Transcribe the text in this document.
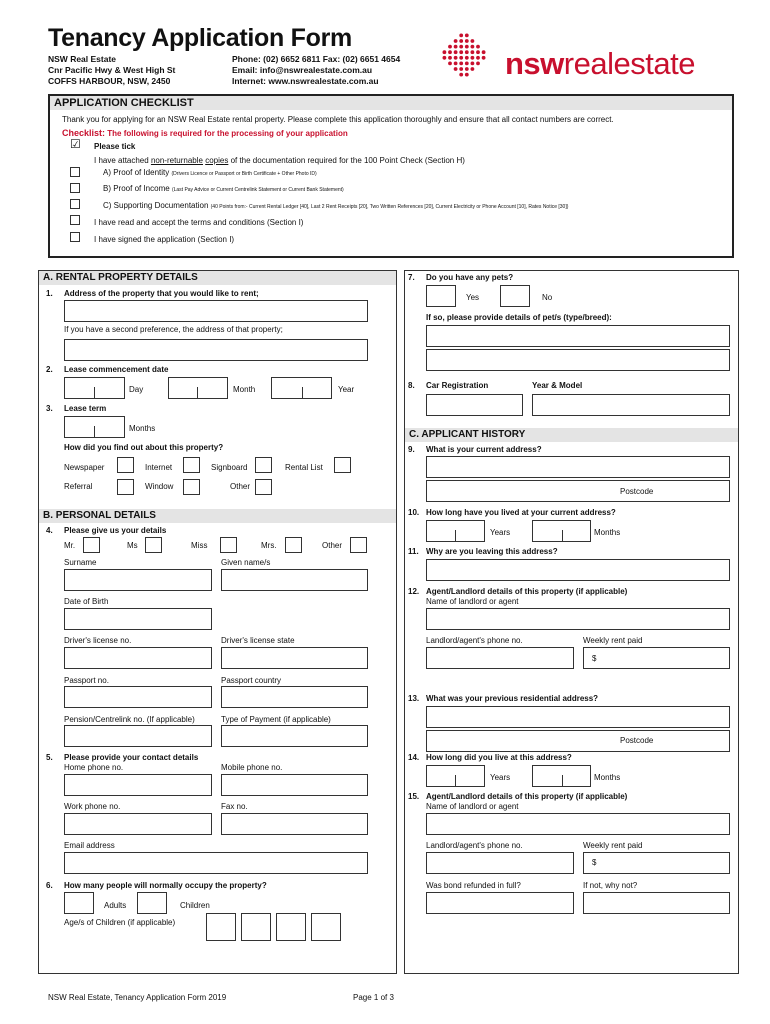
Tenancy Application Form
NSW Real Estate
Cnr Pacific Hwy & West High St
COFFS HARBOUR, NSW, 2450
Phone: (02) 6652 6811 Fax: (02) 6651 4654
Email: info@nswrealestate.com.au
Internet: www.nswrealestate.com.au	nswrealestate
APPLICATION CHECKLIST
Thank you for applying for an NSW Real Estate rental property. Please complete this application thoroughly and ensure that all contact numbers are correct.
Checklist: The following is required for the processing of your application
☑ Please tick
I have attached non-returnable copies of the documentation required for the 100 Point Check (Section H)
A) Proof of Identity (Drivers Licence or Passport or Birth Certificate + Other Photo ID)
B) Proof of Income (Last Pay Advice or Current Centrelink Statement or Current Bank Statement)
C) Supporting Documentation (40 Points from:- Current Rental Ledger [40], Last 2 Rent Receipts [20], Two Written References [20], Current Electricity or Phone Account [10], Rates Notice [30])
I have read and accept the terms and conditions (Section I)
I have signed the application (Section I)
A. RENTAL PROPERTY DETAILS
1. Address of the property that you would like to rent;
If you have a second preference, the address of that property;
2. Lease commencement date
Day	Month	Year
3. Lease term
Months
How did you find out about this property?
Newspaper	Internet	Signboard	Rental List
Referral	Window	Other
B. PERSONAL DETAILS
4. Please give us your details
Mr.	Ms	Miss	Mrs.	Other
Surname	Given name/s
Date of Birth
Driver's license no.	Driver's license state
Passport no.	Passport country
Pension/Centrelink no. (If applicable)	Type of Payment (if applicable)
5. Please provide your contact details
Home phone no.	Mobile phone no.
Work phone no.	Fax no.
Email address
6. How many people will normally occupy the property?
Adults	Children
Age/s of Children (if applicable)
7. Do you have any pets?
Yes	No
If so, please provide details of pet/s (type/breed):
8. Car Registration	Year & Model
C. APPLICANT HISTORY
9. What is your current address?
Postcode
10. How long have you lived at your current address?
Years	Months
11. Why are you leaving this address?
12. Agent/Landlord details of this property (if applicable)
Name of landlord or agent
Landlord/agent's phone no.	Weekly rent paid
$
13. What was your previous residential address?
Postcode
14. How long did you live at this address?
Years	Months
15. Agent/Landlord details of this property (if applicable)
Name of landlord or agent
Landlord/agent's phone no.	Weekly rent paid
$
Was bond refunded in full?	If not, why not?
NSW Real Estate, Tenancy Application Form 2019	Page 1 of 3
